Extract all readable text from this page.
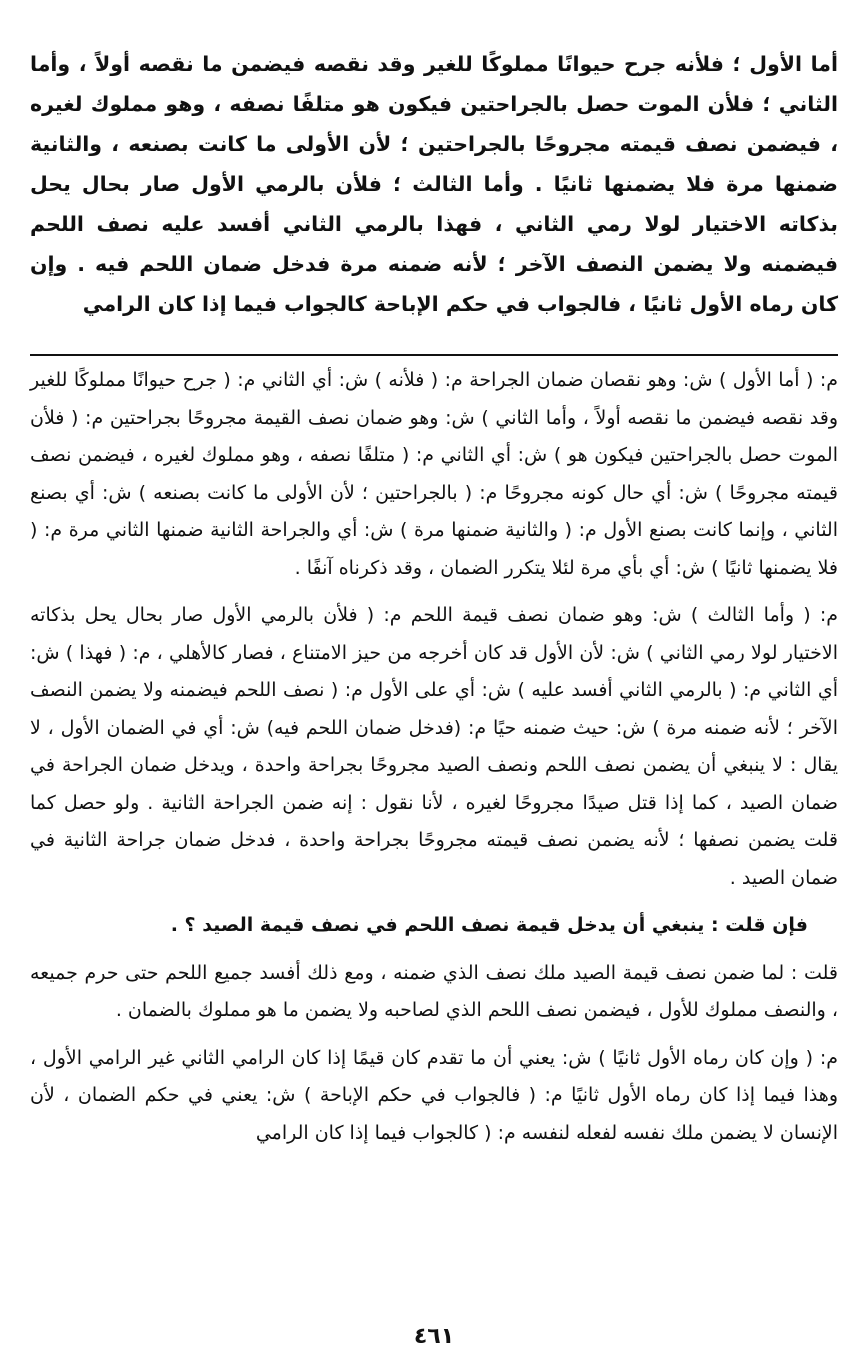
أما الأول ؛ فلأنه جرح حيوانًا مملوكًا للغير وقد نقصه فيضمن ما نقصه أولاً ، وأما الثاني ؛ فلأن الموت حصل بالجراحتين فيكون هو متلفًا نصفه ، وهو مملوك لغيره ، فيضمن نصف قيمته مجروحًا بالجراحتين ؛ لأن الأولى ما كانت بصنعه ، والثانية ضمنها مرة فلا يضمنها ثانيًا . وأما الثالث ؛ فلأن بالرمي الأول صار بحال يحل بذكاته الاختيار لولا رمي الثاني ، فهذا بالرمي الثاني أفسد عليه نصف اللحم فيضمنه ولا يضمن النصف الآخر ؛ لأنه ضمنه مرة فدخل ضمان اللحم فيه . وإن كان رماه الأول ثانيًا ، فالجواب في حكم الإباحة كالجواب فيما إذا كان الرامي

م: ( أما الأول ) ش: وهو نقصان ضمان الجراحة م: ( فلأنه ) ش: أي الثاني م: ( جرح حيوانًا مملوكًا للغير وقد نقصه فيضمن ما نقصه أولاً ، وأما الثاني ) ش: وهو ضمان نصف القيمة مجروحًا بجراحتين م: ( فلأن الموت حصل بالجراحتين فيكون هو ) ش: أي الثاني م: ( متلفًا نصفه ، وهو مملوك لغيره ، فيضمن نصف قيمته مجروحًا ) ش: أي حال كونه مجروحًا م: ( بالجراحتين ؛ لأن الأولى ما كانت بصنعه ) ش: أي بصنع الثاني ، وإنما كانت بصنع الأول م: ( والثانية ضمنها مرة ) ش: أي والجراحة الثانية ضمنها الثاني مرة م: ( فلا يضمنها ثانيًا ) ش: أي بأي مرة لئلا يتكرر الضمان ، وقد ذكرناه آنفًا .

م: ( وأما الثالث ) ش: وهو ضمان نصف قيمة اللحم م: ( فلأن بالرمي الأول صار بحال يحل بذكاته الاختيار لولا رمي الثاني ) ش: لأن الأول قد كان أخرجه من حيز الامتناع ، فصار كالأهلي ، م: ( فهذا ) ش: أي الثاني م: ( بالرمي الثاني أفسد عليه ) ش: أي على الأول م: ( نصف اللحم فيضمنه ولا يضمن النصف الآخر ؛ لأنه ضمنه مرة ) ش: حيث ضمنه حيًا م: (فدخل ضمان اللحم فيه) ش: أي في الضمان الأول ، لا يقال : لا ينبغي أن يضمن نصف اللحم ونصف الصيد مجروحًا بجراحة واحدة ، ويدخل ضمان الجراحة في ضمان الصيد ، كما إذا قتل صيدًا مجروحًا لغيره ، لأنا نقول : إنه ضمن الجراحة الثانية . ولو حصل كما قلت يضمن نصفها ؛ لأنه يضمن نصف قيمته مجروحًا بجراحة واحدة ، فدخل ضمان جراحة الثانية في ضمان الصيد .

فإن قلت : ينبغي أن يدخل قيمة نصف اللحم في نصف قيمة الصيد ؟ .

قلت : لما ضمن نصف قيمة الصيد ملك نصف الذي ضمنه ، ومع ذلك أفسد جميع اللحم حتى حرم جميعه ، والنصف مملوك للأول ، فيضمن نصف اللحم الذي لصاحبه ولا يضمن ما هو مملوك بالضمان .

م: ( وإن كان رماه الأول ثانيًا ) ش: يعني أن ما تقدم كان قيمًا إذا كان الرامي الثاني غير الرامي الأول ، وهذا فيما إذا كان رماه الأول ثانيًا م: ( فالجواب في حكم الإباحة ) ش: يعني في حكم الضمان ، لأن الإنسان لا يضمن ملك نفسه لفعله لنفسه م: ( كالجواب فيما إذا كان الرامي

٤٦١
